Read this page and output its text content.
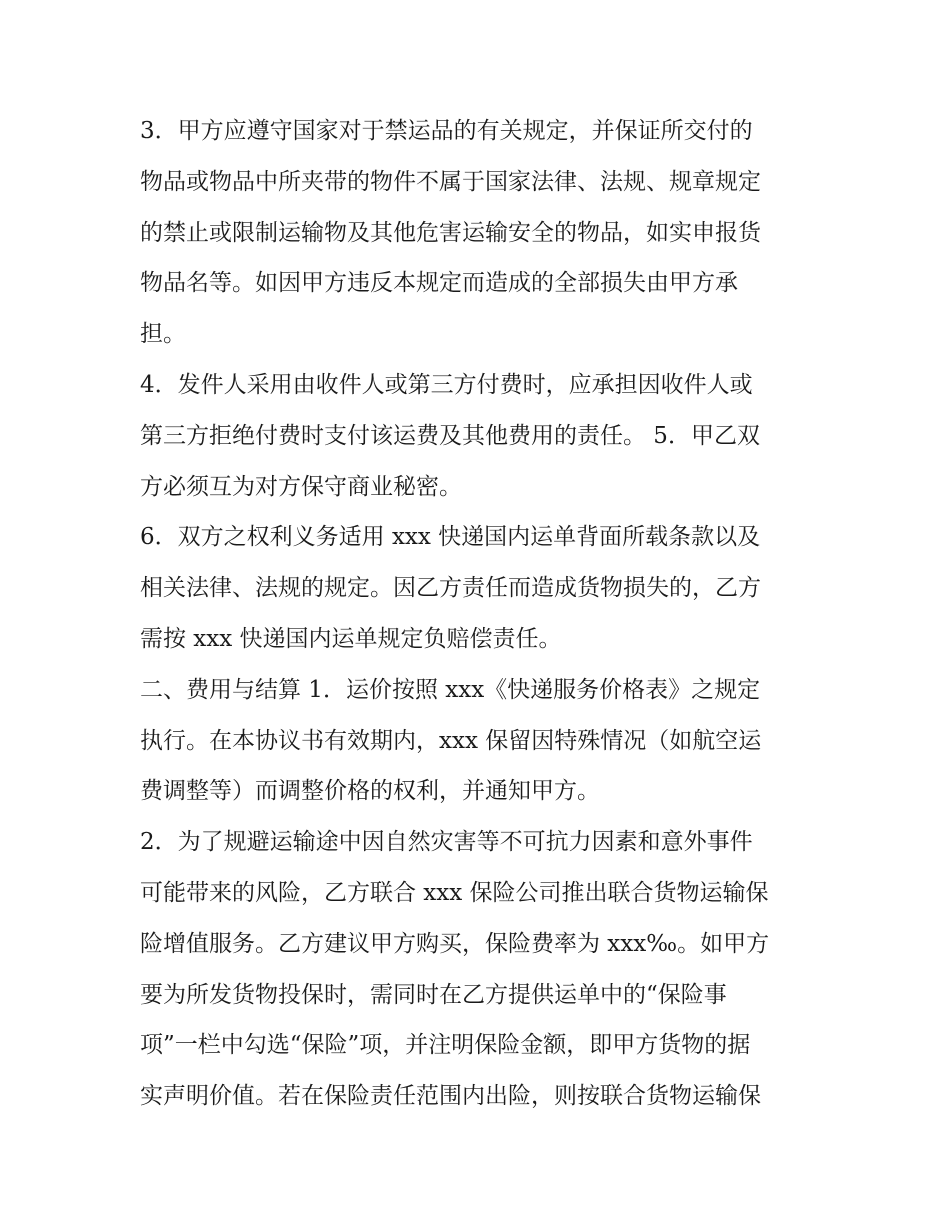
3．甲方应遵守国家对于禁运品的有关规定，并保证所交付的
物品或物品中所夹带的物件不属于国家法律、法规、规章规定
的禁止或限制运输物及其他危害运输安全的物品，如实申报货
物品名等。如因甲方违反本规定而造成的全部损失由甲方承
担。
4．发件人采用由收件人或第三方付费时，应承担因收件人或
第三方拒绝付费时支付该运费及其他费用的责任。 5．甲乙双
方必须互为对方保守商业秘密。
6．双方之权利义务适用 xxx 快递国内运单背面所载条款以及
相关法律、法规的规定。因乙方责任而造成货物损失的，乙方
需按 xxx 快递国内运单规定负赔偿责任。
二、费用与结算 1．运价按照 xxx《快递服务价格表》之规定
执行。在本协议书有效期内，xxx 保留因特殊情况（如航空运
费调整等）而调整价格的权利，并通知甲方。
2．为了规避运输途中因自然灾害等不可抗力因素和意外事件
可能带来的风险，乙方联合 xxx 保险公司推出联合货物运输保
险增值服务。乙方建议甲方购买，保险费率为 xxx‰。如甲方
要为所发货物投保时，需同时在乙方提供运单中的“保险事
项”一栏中勾选“保险”项，并注明保险金额，即甲方货物的据
实声明价值。若在保险责任范围内出险，则按联合货物运输保
